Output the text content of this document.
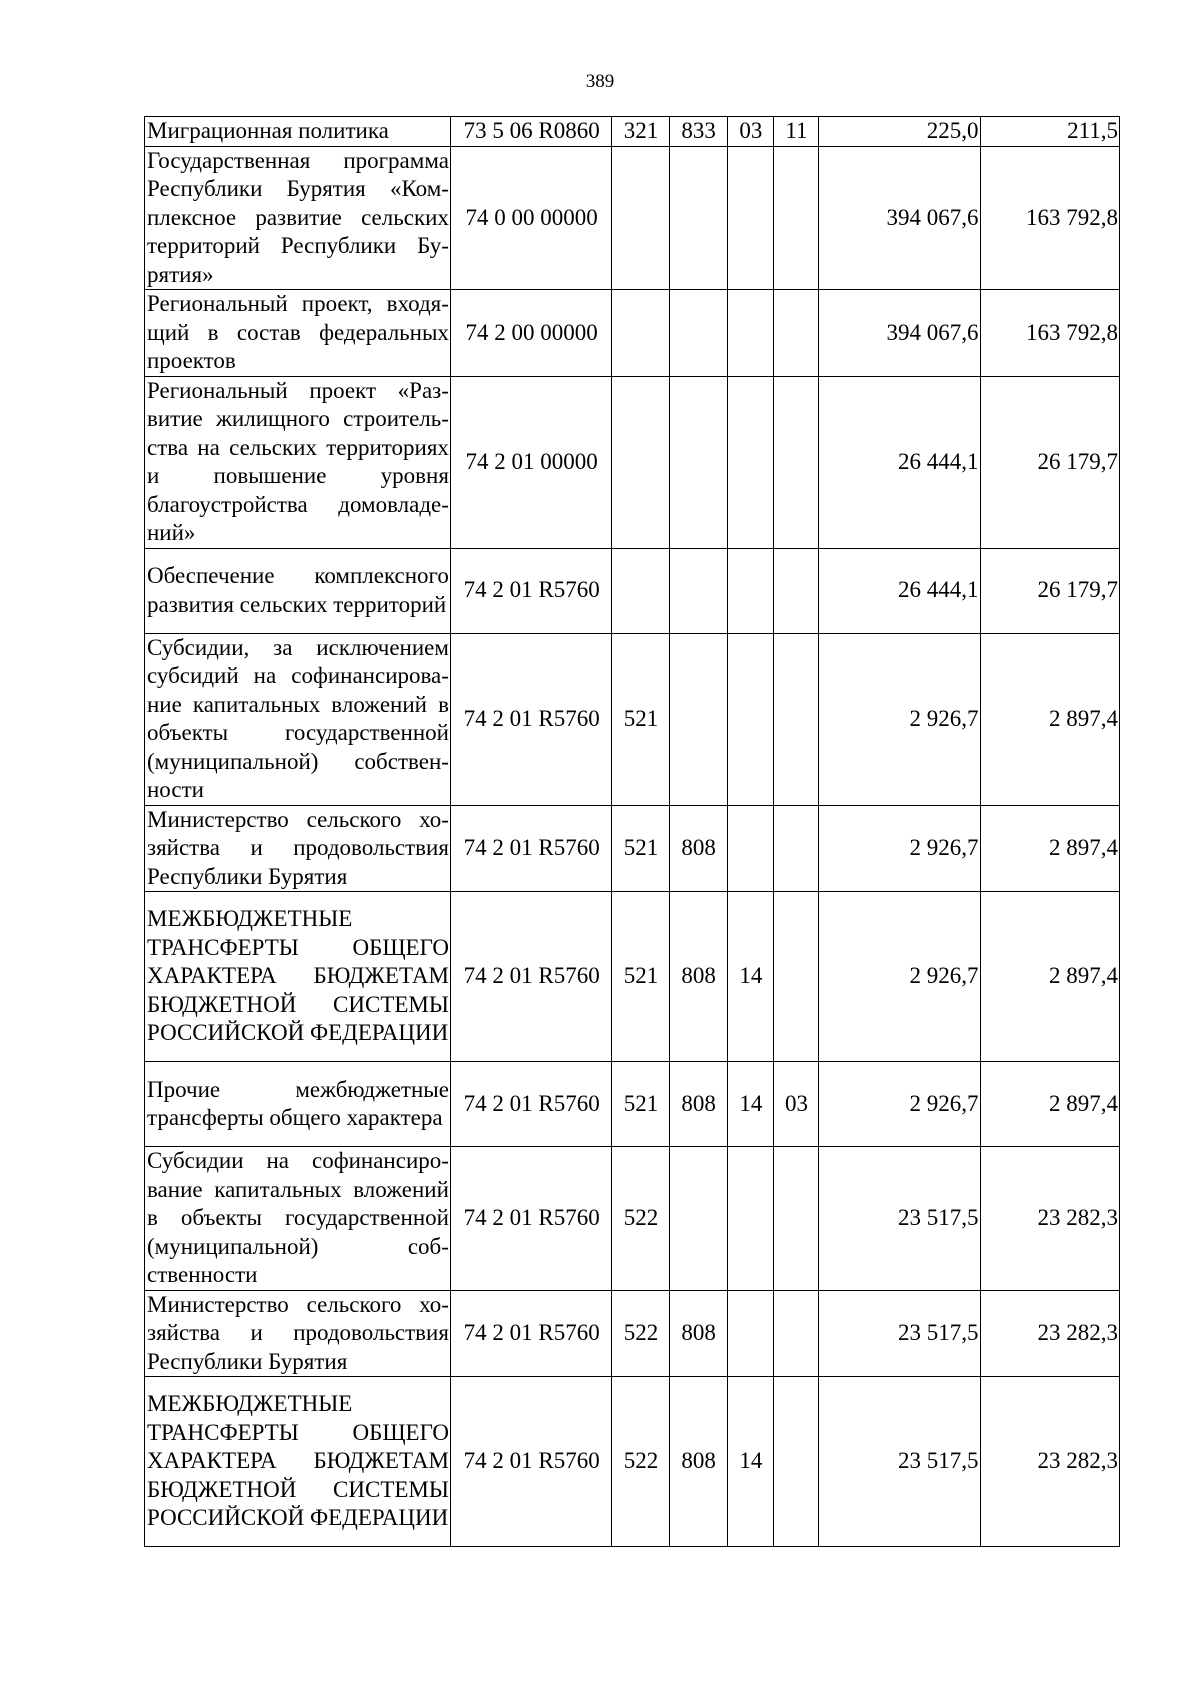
389
Миграционная политика	73 5 06 R0860	321	833	03	11	225,0	211,5
Государственная программа Республики Бурятия «Комплексное развитие сельских территорий Республики Бурятия»	74 0 00 00000					394 067,6	163 792,8
Региональный проект, входящий в состав федеральных проектов	74 2 00 00000					394 067,6	163 792,8
Региональный проект «Развитие жилищного строительства на сельских территориях и повышение уровня благоустройства домовладений»	74 2 01 00000					26 444,1	26 179,7
Обеспечение комплексного развития сельских территорий	74 2 01 R5760					26 444,1	26 179,7
Субсидии, за исключением субсидий на софинансирование капитальных вложений в объекты государственной (муниципальной) собственности	74 2 01 R5760	521				2 926,7	2 897,4
Министерство сельского хозяйства и продовольствия Республики Бурятия	74 2 01 R5760	521	808			2 926,7	2 897,4
МЕЖБЮДЖЕТНЫЕ ТРАНСФЕРТЫ ОБЩЕГО ХАРАКТЕРА БЮДЖЕТАМ БЮДЖЕТНОЙ СИСТЕМЫ РОССИЙСКОЙ ФЕДЕРАЦИИ	74 2 01 R5760	521	808	14		2 926,7	2 897,4
Прочие межбюджетные трансферты общего характера	74 2 01 R5760	521	808	14	03	2 926,7	2 897,4
Субсидии на софинансирование капитальных вложений в объекты государственной (муниципальной) собственности	74 2 01 R5760	522				23 517,5	23 282,3
Министерство сельского хозяйства и продовольствия Республики Бурятия	74 2 01 R5760	522	808			23 517,5	23 282,3
МЕЖБЮДЖЕТНЫЕ ТРАНСФЕРТЫ ОБЩЕГО ХАРАКТЕРА БЮДЖЕТАМ БЮДЖЕТНОЙ СИСТЕМЫ РОССИЙСКОЙ ФЕДЕРАЦИИ	74 2 01 R5760	522	808	14		23 517,5	23 282,3
